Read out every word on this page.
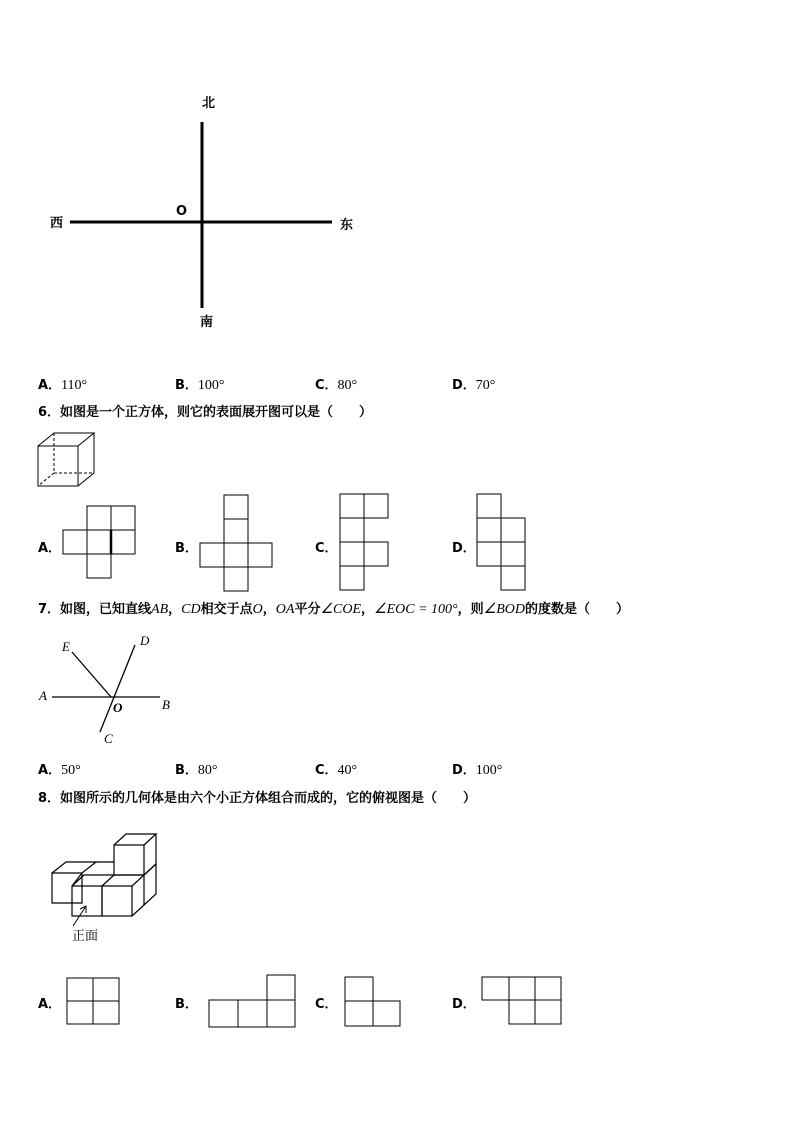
北
南
西	东
O
A．110°	B．100°	C．80°	D．70°
6．如图是一个正方体，则它的表面展开图可以是（　　）
A．	B．	C．	D．
7．如图，已知直线AB，CD相交于点O，OA平分∠COE，∠EOC = 100°，则∠BOD的度数是（　　）
A
B
C
D
E
O
A．50°	B．80°	C．40°	D．100°
8．如图所示的几何体是由六个小正方体组合而成的，它的俯视图是（　　）
正面
A．	B．	C．	D．
